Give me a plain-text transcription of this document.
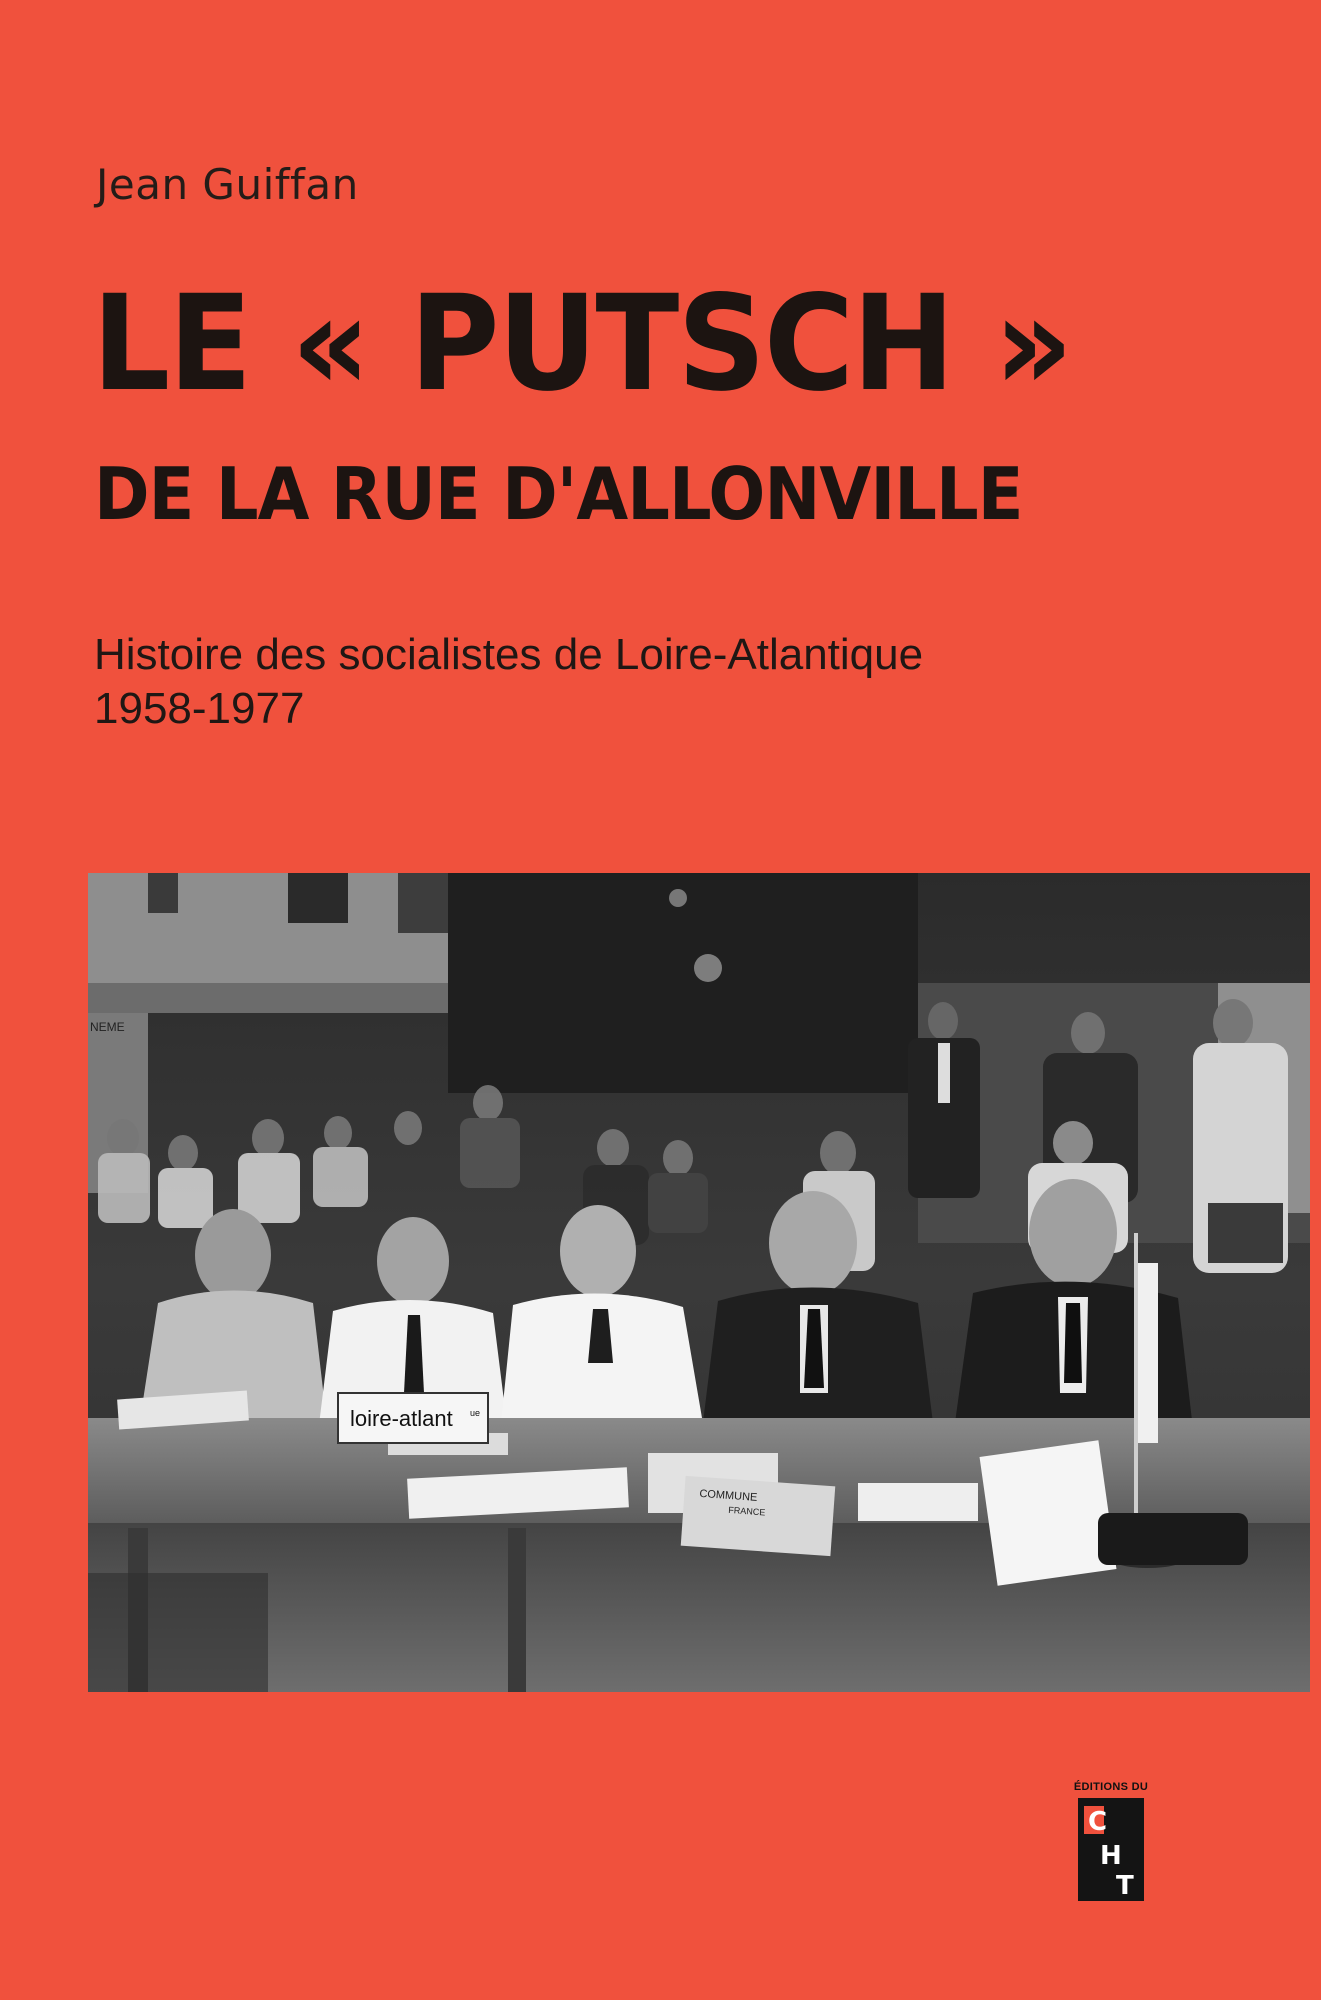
Jean Guiffan
LE « PUTSCH »
DE LA RUE D'ALLONVILLE
Histoire des socialistes de Loire-Atlantique
1958-1977
NEME
loire-atlant ue
COMMUNE
FRANCE
ÉDITIONS DU
C
H
T
